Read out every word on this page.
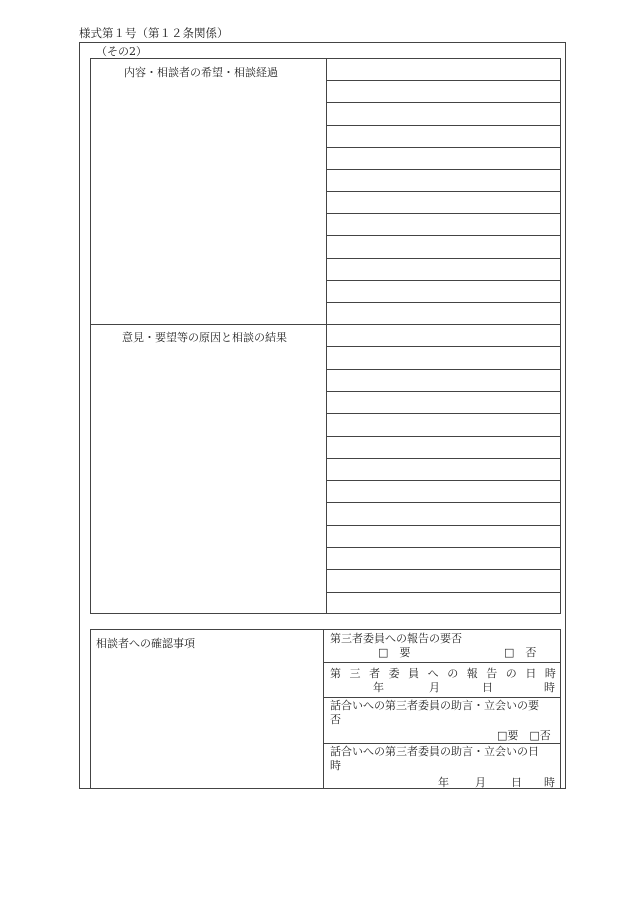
様式第１号（第１２条関係）
（その2）
内容・相談者の希望・相談経過
意見・要望等の原因と相談の結果
相談者への確認事項	第三者委員への報告の要否
□　要	□　否
第 三 者 委 員 へ の 報 告 の 日 時
年	月	日	時
話合いへの第三者委員の助言・立会いの要
否
□要　□否
話合いへの第三者委員の助言・立会いの日
時
年 月 日 時
